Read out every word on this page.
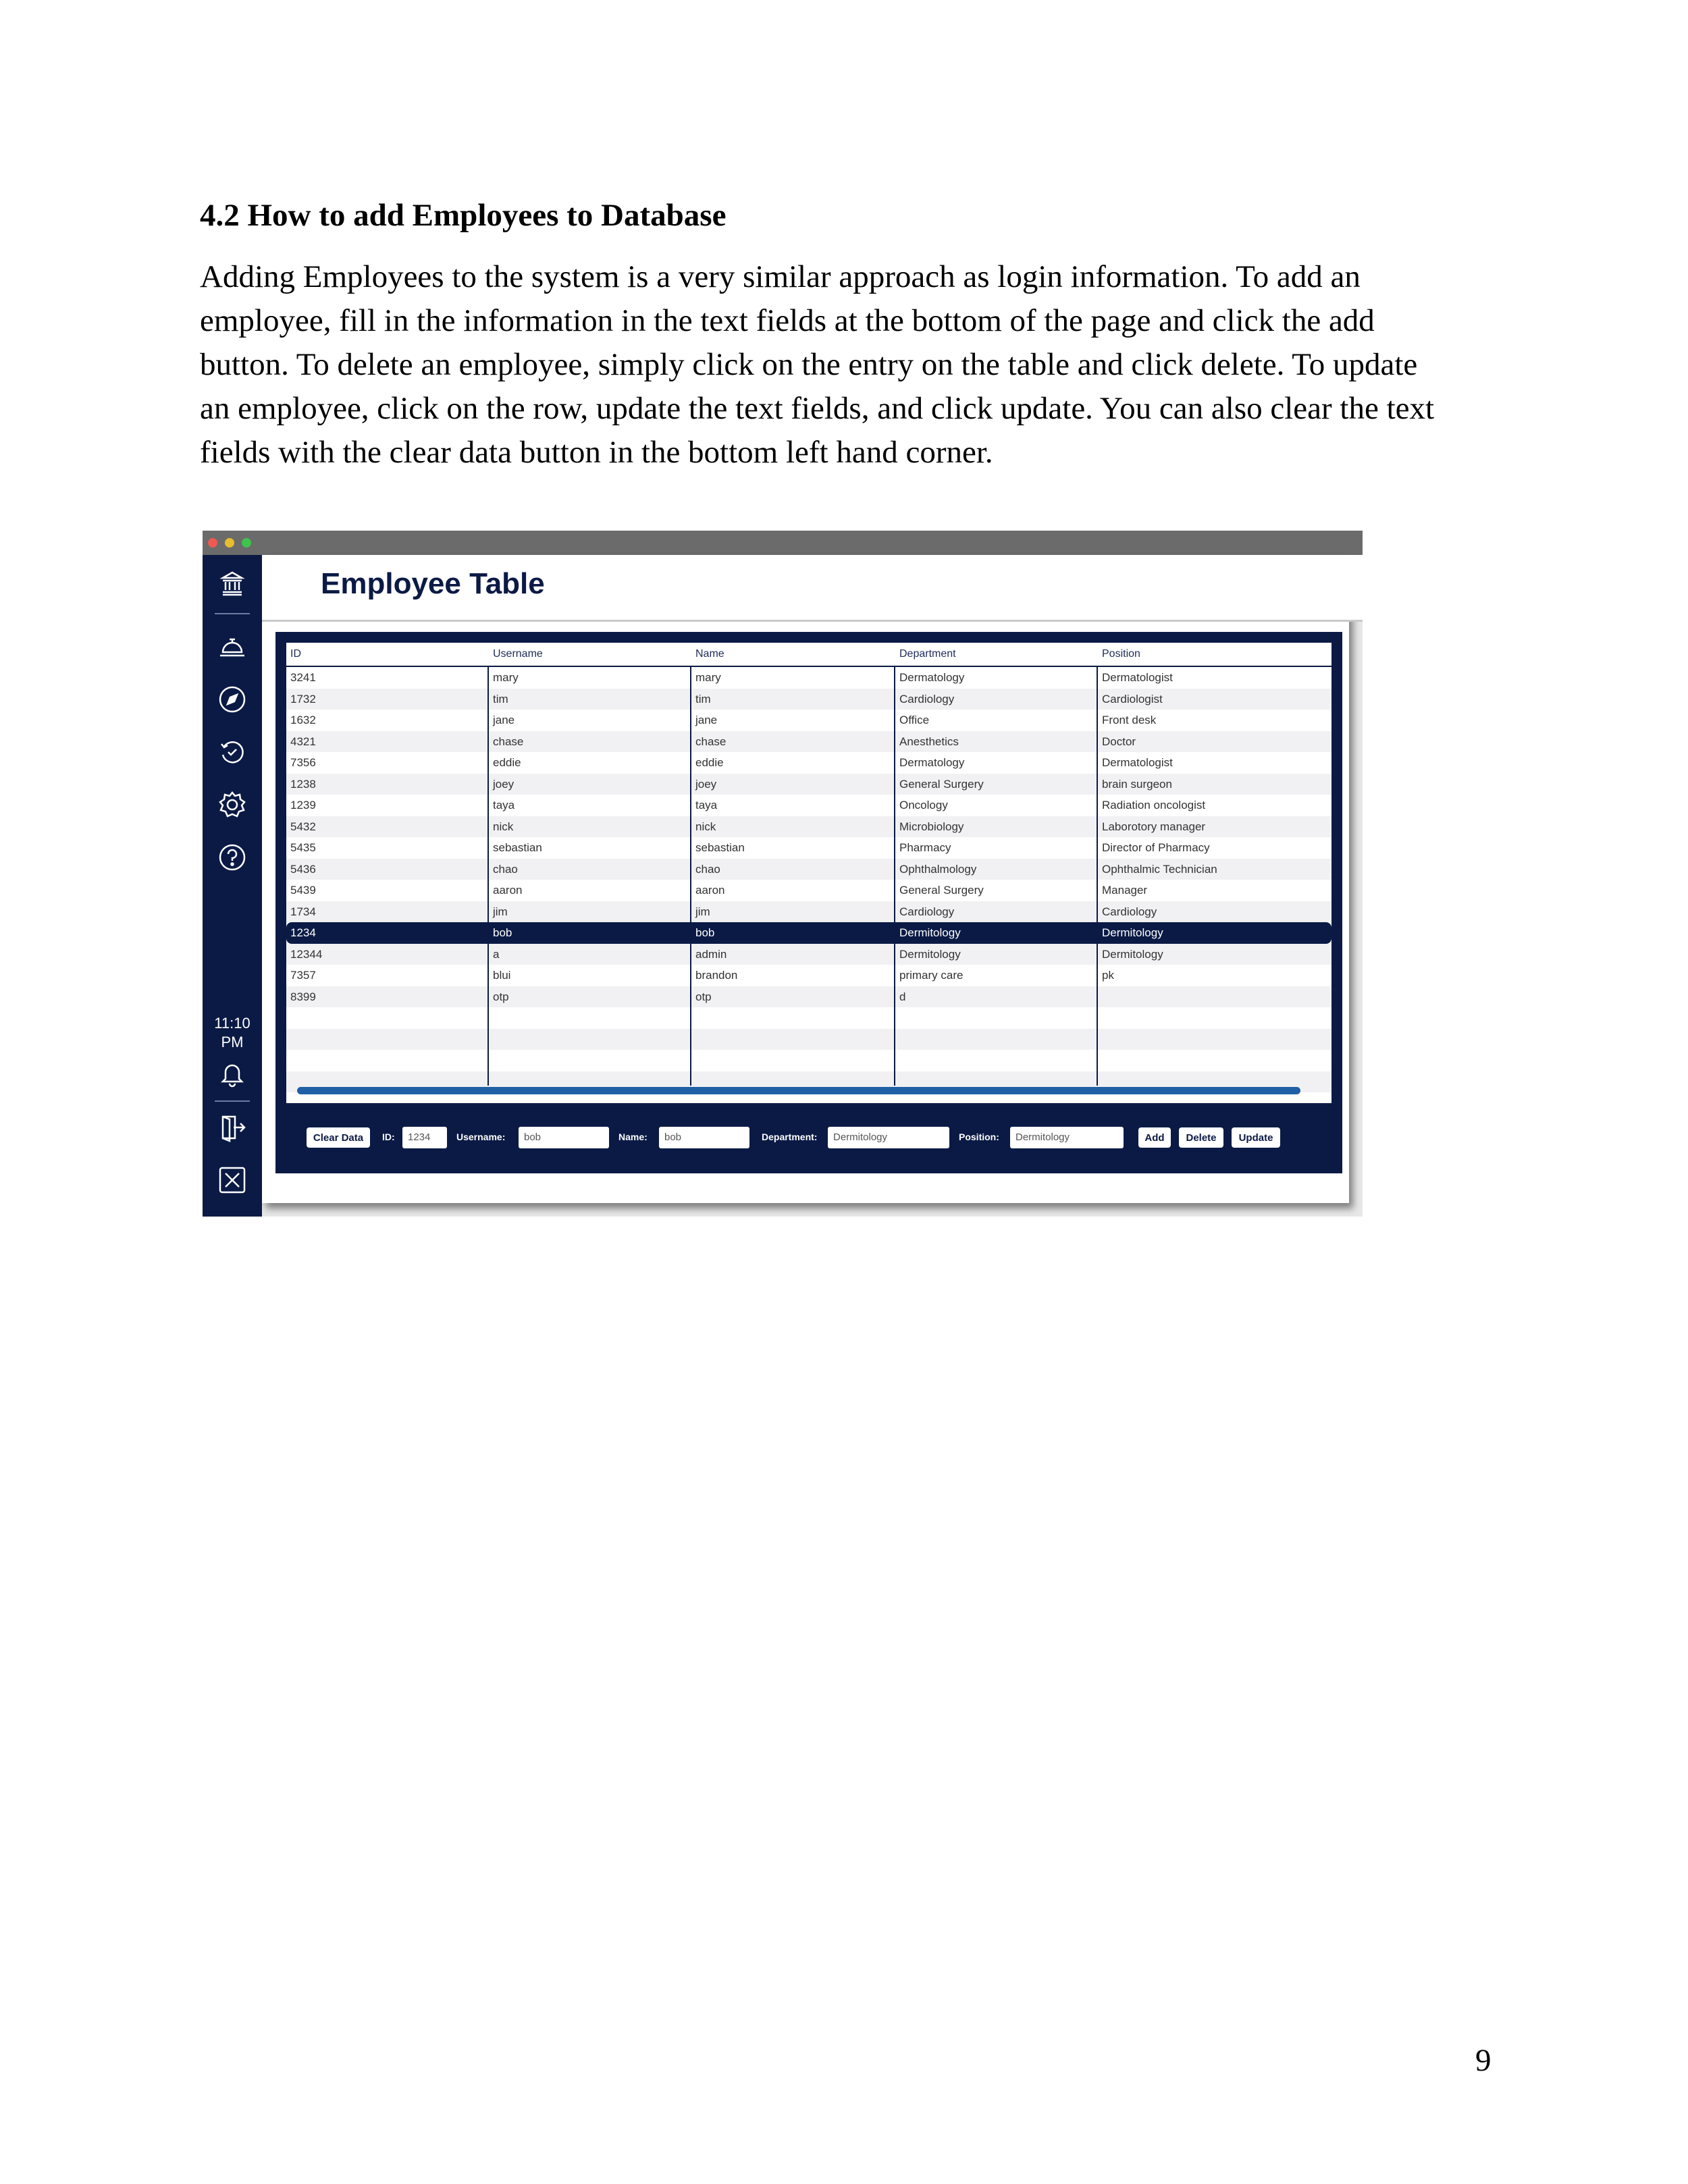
4.2 How to add Employees to Database
Adding Employees to the system is a very similar approach as login information. To add an
employee, fill in the information in the text fields at the bottom of the page and click the add
button. To delete an employee, simply click on the entry on the table and click delete. To update
an employee, click on the row, update the text fields, and click update. You can also clear the text
fields with the clear data button in the bottom left hand corner.
Employee Table
11:10
PM
ID	Username	Name	Department	Position
3241	mary	mary	Dermatology	Dermatologist
1732	tim	tim	Cardiology	Cardiologist
1632	jane	jane	Office	Front desk
4321	chase	chase	Anesthetics	Doctor
7356	eddie	eddie	Dermatology	Dermatologist
1238	joey	joey	General Surgery	brain surgeon
1239	taya	taya	Oncology	Radiation oncologist
5432	nick	nick	Microbiology	Laborotory manager
5435	sebastian	sebastian	Pharmacy	Director of Pharmacy
5436	chao	chao	Ophthalmology	Ophthalmic Technician
5439	aaron	aaron	General Surgery	Manager
1734	jim	jim	Cardiology	Cardiology
1234	bob	bob	Dermitology	Dermitology
12344	a	admin	Dermitology	Dermitology
7357	blui	brandon	primary care	pk
8399	otp	otp	d
Clear Data	ID:	1234	Username:	bob	Name:	bob	Department:	Dermitology	Position:	Dermitology	Add	Delete	Update
9
